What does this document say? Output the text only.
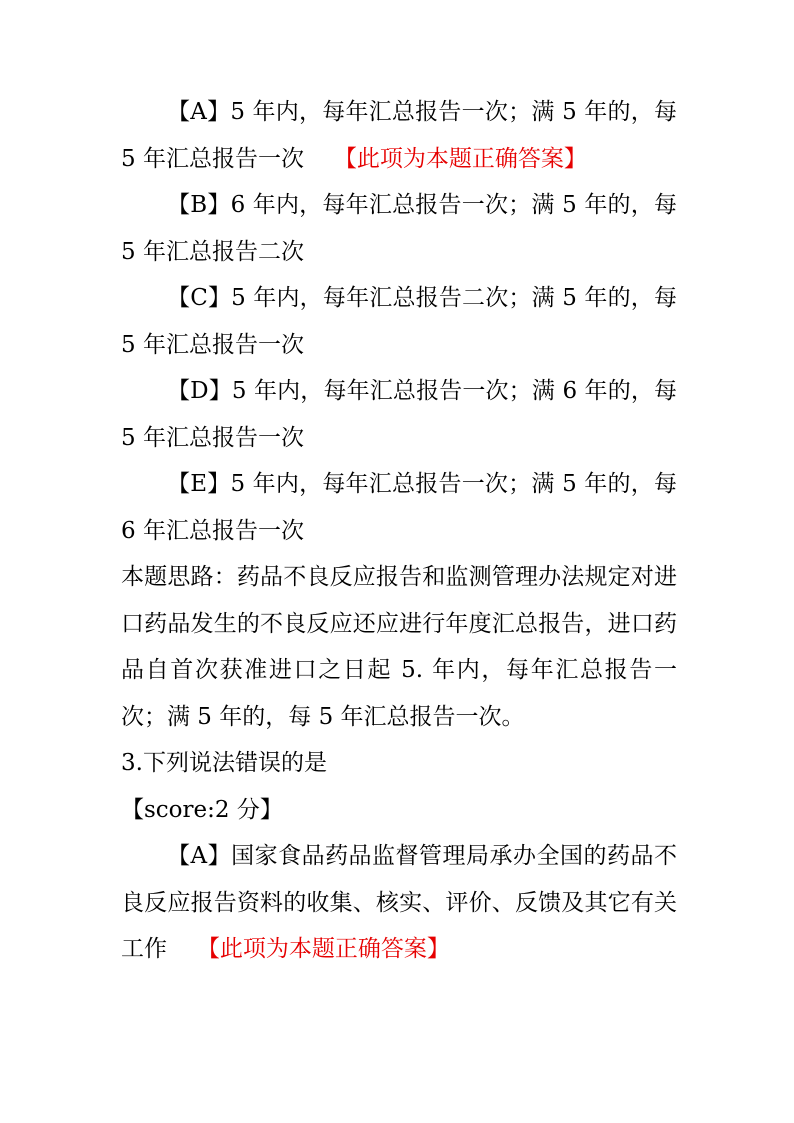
【A】5 年内，每年汇总报告一次；满 5 年的，每 5 年汇总报告一次 【此项为本题正确答案】

【B】6 年内，每年汇总报告一次；满 5 年的，每 5 年汇总报告二次

【C】5 年内，每年汇总报告二次；满 5 年的，每 5 年汇总报告一次

【D】5 年内，每年汇总报告一次；满 6 年的，每 5 年汇总报告一次

【E】5 年内，每年汇总报告一次；满 5 年的，每 6 年汇总报告一次

本题思路：药品不良反应报告和监测管理办法规定对进口药品发生的不良反应还应进行年度汇总报告，进口药品自首次获准进口之日起 5. 年内，每年汇总报告一次；满 5 年的，每 5 年汇总报告一次。

3.下列说法错误的是

【score:2 分】

【A】国家食品药品监督管理局承办全国的药品不良反应报告资料的收集、核实、评价、反馈及其它有关工作 【此项为本题正确答案】
